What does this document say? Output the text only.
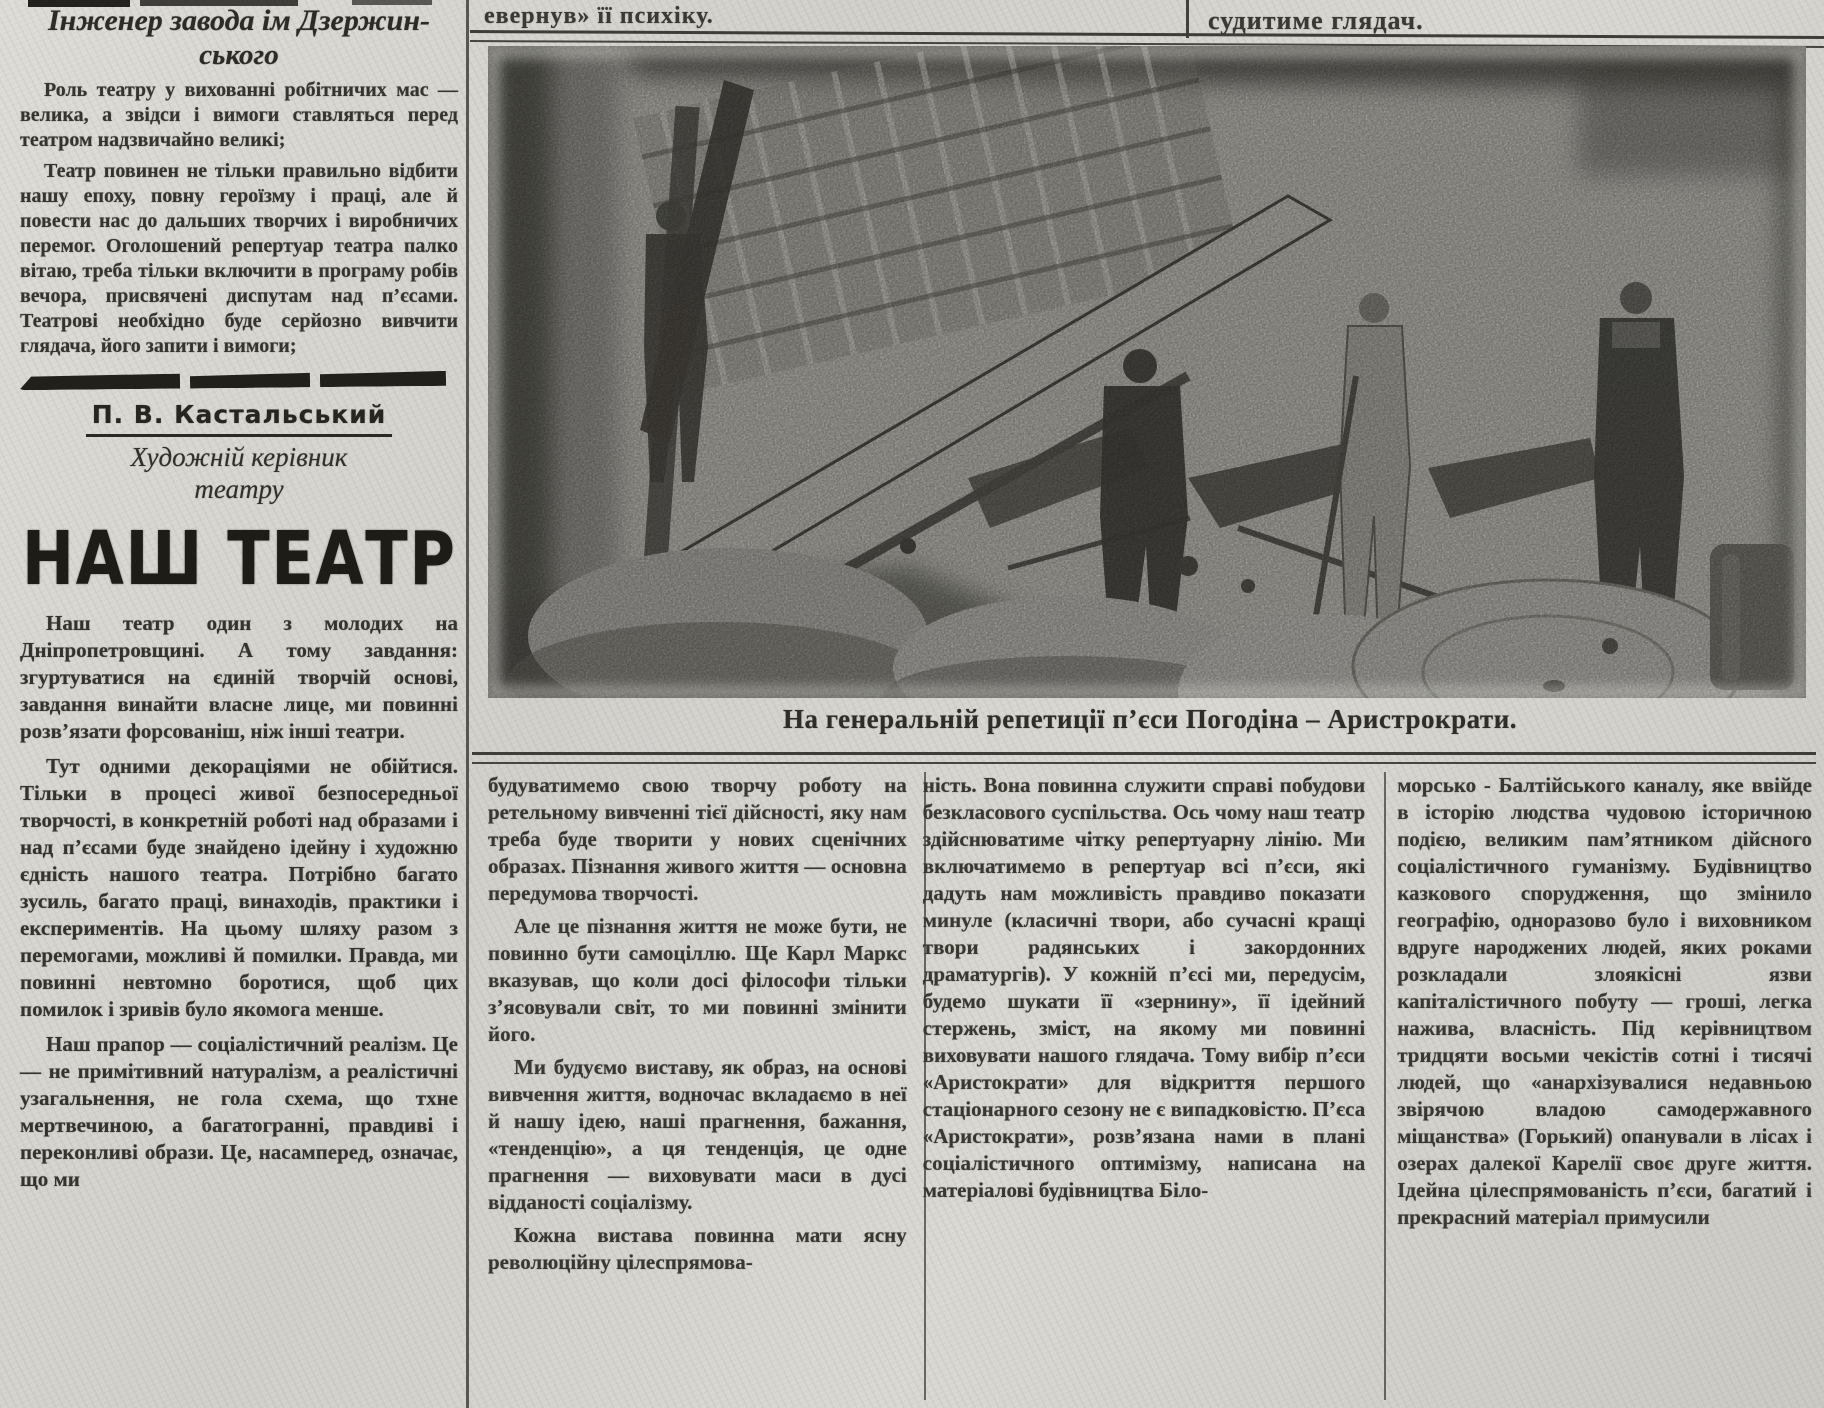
евернув» її психіку.	судитиме глядач.
Інженер завода ім Дзержин-
ського

Роль театру у вихованні робітничих мас — велика, а звідси і вимоги ставляться перед театром надзвичайно великі;

Театр повинен не тільки правильно відбити нашу епоху, повну героїзму і праці, але й повести нас до дальших творчих і виробничих перемог. Оголошений репертуар театра палко вітаю, треба тільки включити в програму робів вечора, присвячені диспутам над п’єсами. Театрові необхідно буде серйозно вивчити глядача, його запити і вимоги;

П. В. Кастальський
Художній керівник
театру
НАШ ТЕАТР

Наш театр один з молодих на Дніпропетровщині. А тому завдання: згуртуватися на єдиній творчій основі, завдання винайти власне лице, ми повинні розв’язати форсованіш, ніж інші театри.

Тут одними декораціями не обійтися. Тільки в процесі живої безпосередньої творчості, в конкретній роботі над образами і над п’єсами буде знайдено ідейну і художню єдність нашого театра. Потрібно багато зусиль, багато праці, винаходів, практики і експериментів. На цьому шляху разом з перемогами, можливі й помилки. Правда, ми повинні невтомно боротися, щоб цих помилок і зривів було якомога менше.

Наш прапор — соціалістичний реалізм. Це — не примітивний натуралізм, а реалістичні узагальнення, не гола схема, що тхне мертвечиною, а багатогранні, правдиві і переконливі образи. Це, насамперед, означає, що ми

На генеральній репетиції п’єси Погодіна – Аристрократи.

будуватимемо свою творчу роботу на ретельному вивченні тієї дійсності, яку нам треба буде творити у нових сценічних образах. Пізнання живого життя — основна передумова творчості.

Але це пізнання життя не може бути, не повинно бути самоціллю. Ще Карл Маркс вказував, що коли досі філософи тільки з’ясовували світ, то ми повинні змінити його.

Ми будуємо виставу, як образ, на основі вивчення життя, водночас вкладаємо в неї й нашу ідею, наші прагнення, бажання, «тенденцію», а ця тенденція, це одне прагнення — виховувати маси в дусі відданості соціалізму.

Кожна вистава повинна мати ясну революційну цілеспрямова-

ність. Вона повинна служити справі побудови безкласового суспільства. Ось чому наш театр здійснюватиме чітку репертуарну лінію. Ми включатимемо в репертуар всі п’єси, які дадуть нам можливість правдиво показати минуле (класичні твори, або сучасні кращі твори радянських і закордонних драматургів). У кожній п’єсі ми, передусім, будемо шукати її «зернину», її ідейний стержень, зміст, на якому ми повинні виховувати нашого глядача. Тому вибір п’єси «Аристократи» для відкриття першого стаціонарного сезону не є випадковістю. П’єса «Аристократи», розв’язана нами в плані соціалістичного оптимізму, написана на матеріалові будівництва Біло-

морсько - Балтійського каналу, яке ввійде в історію людства чудовою історичною подією, великим пам’ятником дійсного соціалістичного гуманізму. Будівництво казкового спорудження, що змінило географію, одноразово було і виховником вдруге народжених людей, яких роками розкладали злоякісні язви капіталістичного побуту — гроші, легка нажива, власність. Під керівництвом тридцяти восьми чекістів сотні і тисячі людей, що «анархізувалися недавньою звірячою владою самодержавного міщанства» (Горький) опанували в лісах і озерах далекої Карелії своє друге життя. Ідейна цілеспрямованість п’єси, багатий і прекрасний матеріал примусили
